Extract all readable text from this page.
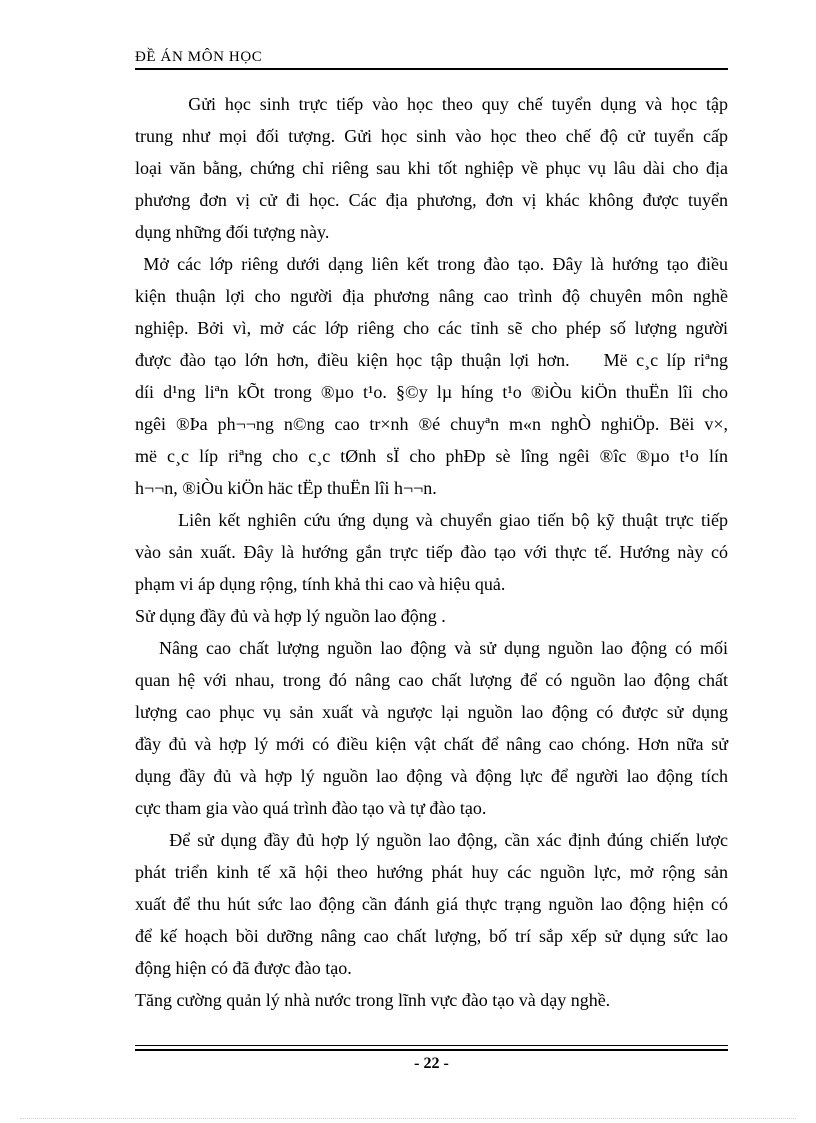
ĐỀ ÁN MÔN HỌC
Gửi học sinh trực tiếp vào học theo quy chế tuyển dụng và học tập
trung như mọi đối tượng. Gửi học sinh vào học theo chế độ cử tuyển cấp
loại văn bằng, chứng chỉ riêng sau khi tốt nghiệp về phục vụ lâu dài cho địa
phương đơn vị cử đi học. Các địa phương, đơn vị khác không được tuyển
dụng những đối tượng này.
Mở các lớp riêng dưới dạng liên kết trong đào tạo. Đây là hướng tạo điều
kiện thuận lợi cho người địa phương nâng cao trình độ chuyên môn nghề
nghiệp. Bởi vì, mở các lớp riêng cho các tỉnh sẽ cho phép số lượng người
được đào tạo lớn hơn, điều kiện học tập thuận lợi hơn.    Më c¸c líp riªng
díi d¹ng liªn kÕt trong ®µo t¹o. §©y lµ híng t¹o ®iÒu kiÖn thuËn lîi cho
ngêi ®Þa ph¬¬ng n©ng cao tr×nh ®é chuyªn m«n nghÒ nghiÖp. Bëi v×,
më c¸c líp riªng cho c¸c tØnh sÏ cho phÐp sè lîng ngêi ®îc ®µo t¹o lín
h¬¬n, ®iÒu kiÖn häc tËp thuËn lîi h¬¬n.
Liên kết nghiên cứu ứng dụng và chuyển giao tiến bộ kỹ thuật trực tiếp
vào sản xuất. Đây là hướng gắn trực tiếp đào tạo với thực tế. Hướng này có
phạm vi áp dụng rộng, tính khả thi cao và hiệu quả.
Sử dụng đầy đủ và hợp lý nguồn lao động .
Nâng cao chất lượng nguồn lao động và sử dụng nguồn lao động có mối
quan hệ với nhau, trong đó nâng cao chất lượng để có nguồn lao động chất
lượng cao phục vụ sản xuất và ngược lại nguồn lao động có được sử dụng
đầy đủ và hợp lý mới có điều kiện vật chất để nâng cao chóng. Hơn nữa sử
dụng đầy đủ và hợp lý nguồn lao động và động lực để người lao động tích
cực tham gia vào quá trình đào tạo và tự đào tạo.
Để sử dụng đầy đủ hợp lý nguồn lao động, cần xác định đúng chiến lược
phát triển kinh tế xã hội theo hướng phát huy các nguồn lực, mở rộng sản
xuất để thu hút sức lao động cần đánh giá thực trạng nguồn lao động hiện có
để kế hoạch bồi dưỡng nâng cao chất lượng, bố trí sắp xếp sử dụng sức lao
động hiện có đã được đào tạo.
Tăng cường quản lý nhà nước trong lĩnh vực đào tạo và dạy nghề.
- 22 -
